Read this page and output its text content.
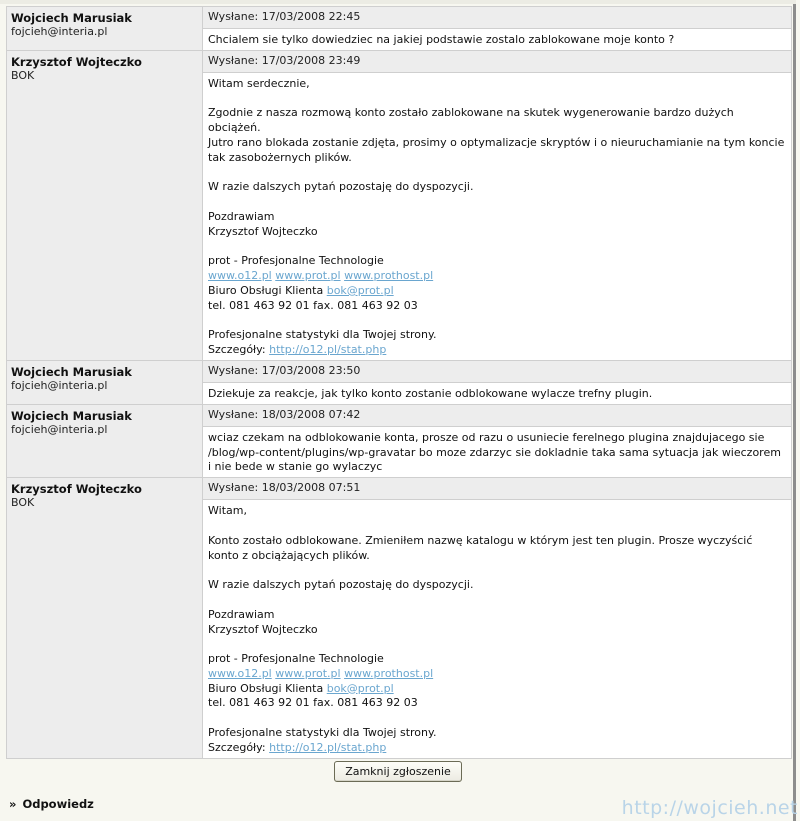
Wojciech Marusiak
fojcieh@interia.pl	Wysłane: 17/03/2008 22:45

	Chcialem sie tylko dowiedziec na jakiej podstawie zostalo zablokowane moje konto ?

Krzysztof Wojteczko
BOK	Wysłane: 17/03/2008 23:49

Witam serdecznie,
Zgodnie z nasza rozmową konto zostało zablokowane na skutek wygenerowanie bardzo dużych obciążeń.
Jutro rano blokada zostanie zdjęta, prosimy o optymalizacje skryptów i o nieuruchamianie na tym koncie tak zasobożernych plików.
W razie dalszych pytań pozostaję do dyspozycji.
Pozdrawiam
Krzysztof Wojteczko
prot - Profesjonalne Technologie
www.o12.pl www.prot.pl www.prothost.pl
Biuro Obsługi Klienta bok@prot.pl
tel. 081 463 92 01 fax. 081 463 92 03
Profesjonalne statystyki dla Twojej strony.
Szczegóły: http://o12.pl/stat.php

Wojciech Marusiak
fojcieh@interia.pl	Wysłane: 17/03/2008 23:50

	Dziekuje za reakcje, jak tylko konto zostanie odblokowane wylacze trefny plugin.

Wojciech Marusiak
fojcieh@interia.pl	Wysłane: 18/03/2008 07:42

	wciaz czekam na odblokowanie konta, prosze od razu o usuniecie ferelnego plugina znajdujacego sie /blog/wp-content/plugins/wp-gravatar bo moze zdarzyc sie dokladnie taka sama sytuacja jak wieczorem i nie bede w stanie go wylaczyc

Krzysztof Wojteczko
BOK	Wysłane: 18/03/2008 07:51

Witam,
Konto zostało odblokowane. Zmieniłem nazwę katalogu w którym jest ten plugin. Prosze wyczyścić konto z obciążających plików.
W razie dalszych pytań pozostaję do dyspozycji.
Pozdrawiam
Krzysztof Wojteczko
prot - Profesjonalne Technologie
www.o12.pl www.prot.pl www.prothost.pl
Biuro Obsługi Klienta bok@prot.pl
tel. 081 463 92 01 fax. 081 463 92 03
Profesjonalne statystyki dla Twojej strony.
Szczegóły: http://o12.pl/stat.php
Zamknij zgłoszenie
» Odpowiedz	http://wojcieh.net
